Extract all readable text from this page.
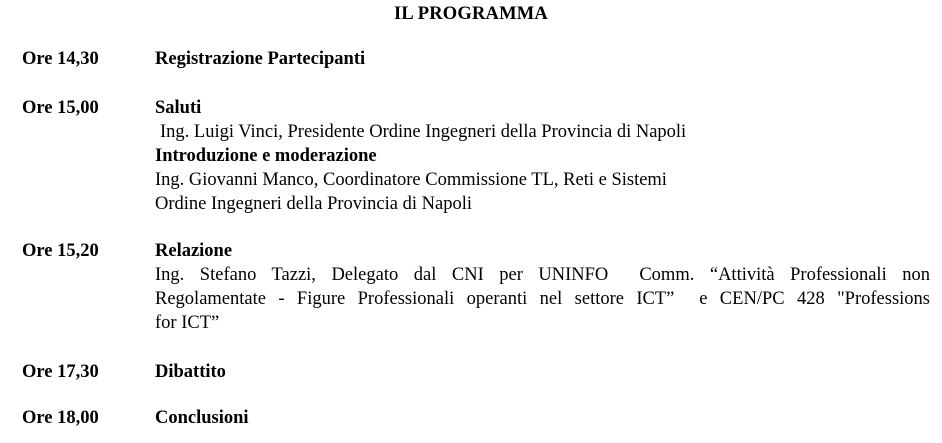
IL PROGRAMMA
Ore 14,30	Registrazione Partecipanti
Ore 15,00	Saluti
Ing. Luigi Vinci, Presidente Ordine Ingegneri della Provincia di Napoli
Introduzione e moderazione
Ing. Giovanni Manco, Coordinatore Commissione TL, Reti e Sistemi
Ordine Ingegneri della Provincia di Napoli
Ore 15,20	Relazione
Ing. Stefano Tazzi, Delegato dal CNI per UNINFO  Comm. “Attività Professionali non
Regolamentate - Figure Professionali operanti nel settore ICT”  e CEN/PC 428 "Professions
for ICT”
Ore 17,30	Dibattito
Ore 18,00	Conclusioni
